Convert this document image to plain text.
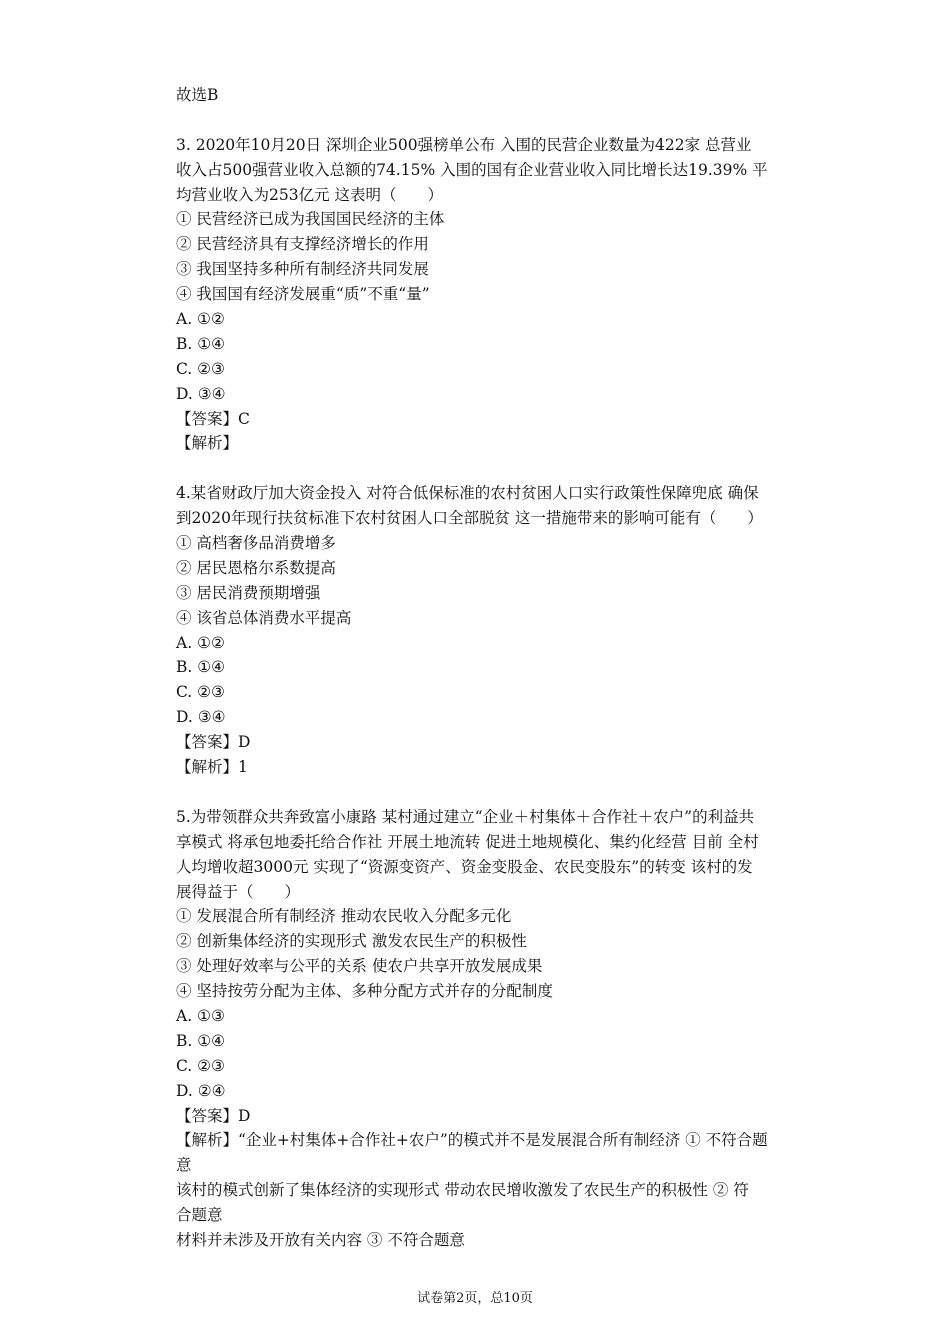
故选B
3. 2020年10月20日 深圳企业500强榜单公布 入围的民营企业数量为422家 总营业
收入占500强营业收入总额的74.15% 入围的国有企业营业收入同比增长达19.39% 平
均营业收入为253亿元 这表明（　　）
① 民营经济已成为我国国民经济的主体
② 民营经济具有支撑经济增长的作用
③ 我国坚持多种所有制经济共同发展
④ 我国国有经济发展重“质”不重“量”
A. ①②
B. ①④
C. ②③
D. ③④
【答案】C
【解析】
4.某省财政厅加大资金投入 对符合低保标准的农村贫困人口实行政策性保障兜底 确保
到2020年现行扶贫标准下农村贫困人口全部脱贫 这一措施带来的影响可能有（　　）
① 高档奢侈品消费增多
② 居民恩格尔系数提高
③ 居民消费预期增强
④ 该省总体消费水平提高
A. ①②
B. ①④
C. ②③
D. ③④
【答案】D
【解析】1
5.为带领群众共奔致富小康路 某村通过建立“企业＋村集体＋合作社＋农户”的利益共
享模式 将承包地委托给合作社 开展土地流转 促进土地规模化、集约化经营 目前 全村
人均增收超3000元 实现了“资源变资产、资金变股金、农民变股东”的转变 该村的发
展得益于（　　）
① 发展混合所有制经济 推动农民收入分配多元化
② 创新集体经济的实现形式 激发农民生产的积极性
③ 处理好效率与公平的关系 使农户共享开放发展成果
④ 坚持按劳分配为主体、多种分配方式并存的分配制度
A. ①③
B. ①④
C. ②③
D. ②④
【答案】D
【解析】“企业+村集体+合作社+农户”的模式并不是发展混合所有制经济 ① 不符合题
意
该村的模式创新了集体经济的实现形式 带动农民增收激发了农民生产的积极性 ② 符
合题意
材料并未涉及开放有关内容 ③ 不符合题意
试卷第2页，总10页
